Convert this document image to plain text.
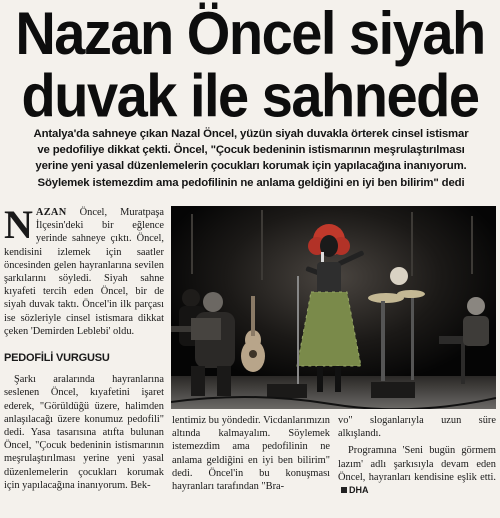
Nazan Öncel siyah
duvak ile sahnede
Antalya'da sahneye çıkan Nazal Öncel, yüzün siyah duvakla örterek cinsel istismar
ve pedofiliye dikkat çekti. Öncel, "Çocuk bedeninin istismarının meşrulaştırılması
yerine yeni yasal düzenlemelerin çocukları korumak için yapılacağına inanıyorum.
Söylemek istemezdim ama pedofilinin ne anlama geldiğini en iyi ben bilirim" dedi

NAZAN Öncel, Muratpaşa İlçesin'deki bir eğlence yerinde sahneye çıktı. Öncel, kendisini izlemek için saatler öncesinden gelen hayranlarına sevilen şarkılarını söyledi. Siyah sahne kıyafeti tercih eden Öncel, bir de siyah duvak taktı. Öncel'in ilk parçası ise sözleriyle cinsel istismara dikkat çeken 'Demirden Leblebi' oldu.

PEDOFİLİ VURGUSU

Şarkı aralarında hayranlarına seslenen Öncel, kıyafetini işaret ederek, "Görüldüğü üzere, halimden anlaşılacağı üzere konumuz pedofili" dedi. Yasa tasarısına atıfta bulunan Öncel, "Çocuk bedeninin istismarının meşrulaştırılması yerine yeni yasal düzenlemelerin çocukları korumak için yapılacağına inanıyorum. Bek-

lentimiz bu yöndedir. Vicdanlarımızın altında kalmayalım. Söylemek istemezdim ama pedofilinin ne anlama geldiğini en iyi ben bilirim" dedi. Öncel'in bu konuşması hayranları tarafından "Bra-

vo" sloganlarıyla uzun süre alkışlandı.

Programına 'Seni bugün görmem lazım' adlı şarkısıyla devam eden Öncel, hayranları kendisine eşlik etti.DHA
